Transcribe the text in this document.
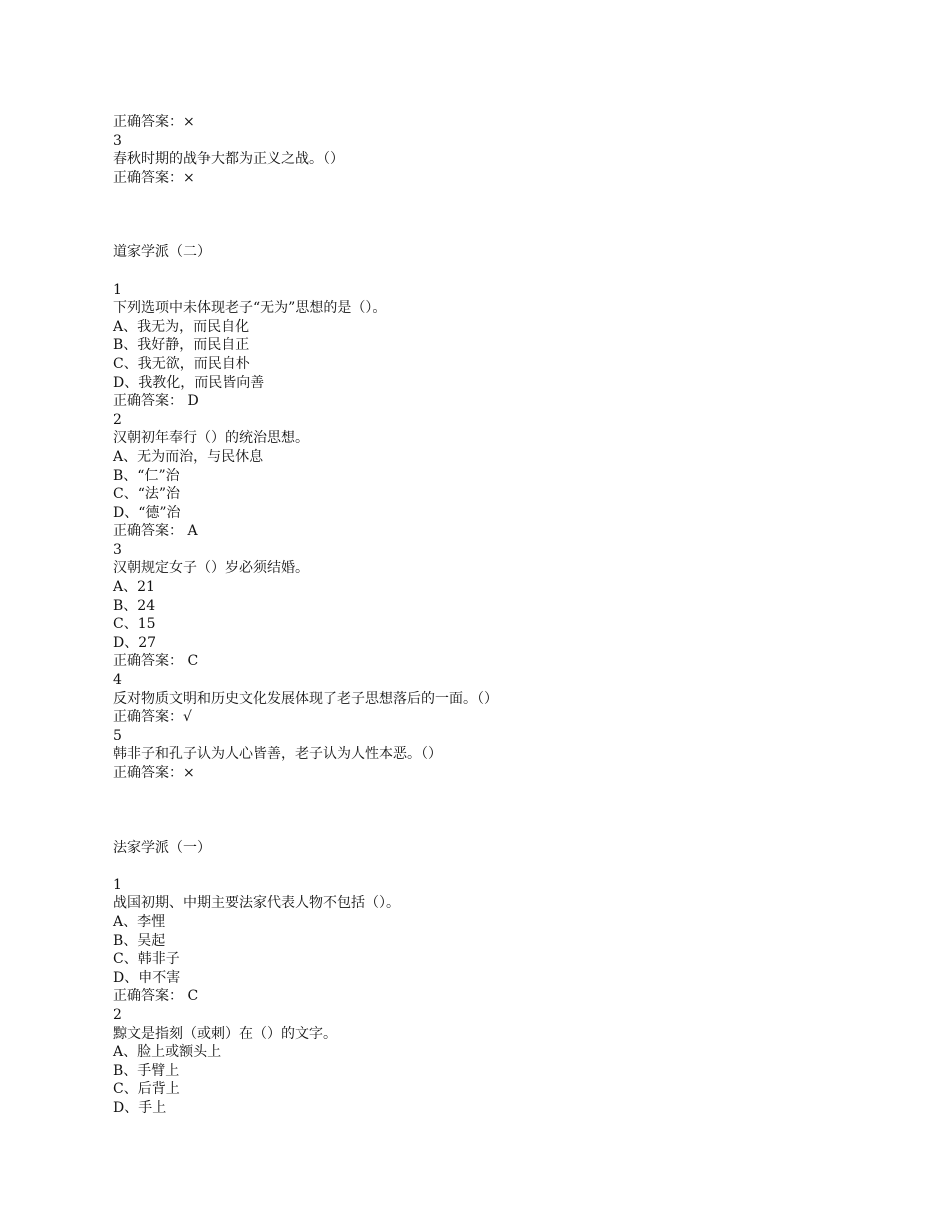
正确答案：×
3
春秋时期的战争大都为正义之战。（）
正确答案：×
道家学派（二）
1
下列选项中未体现老子“无为”思想的是（）。
A、我无为，而民自化
B、我好静，而民自正
C、我无欲，而民自朴
D、我教化，而民皆向善
正确答案： D
2
汉朝初年奉行（）的统治思想。
A、无为而治，与民休息
B、“仁”治
C、“法”治
D、“德”治
正确答案： A
3
汉朝规定女子（）岁必须结婚。
A、21
B、24
C、15
D、27
正确答案： C
4
反对物质文明和历史文化发展体现了老子思想落后的一面。（）
正确答案：√
5
韩非子和孔子认为人心皆善，老子认为人性本恶。（）
正确答案：×
法家学派（一）
1
战国初期、中期主要法家代表人物不包括（）。
A、李悝
B、吴起
C、韩非子
D、申不害
正确答案： C
2
黥文是指刻（或刺）在（）的文字。
A、脸上或额头上
B、手臂上
C、后背上
D、手上
